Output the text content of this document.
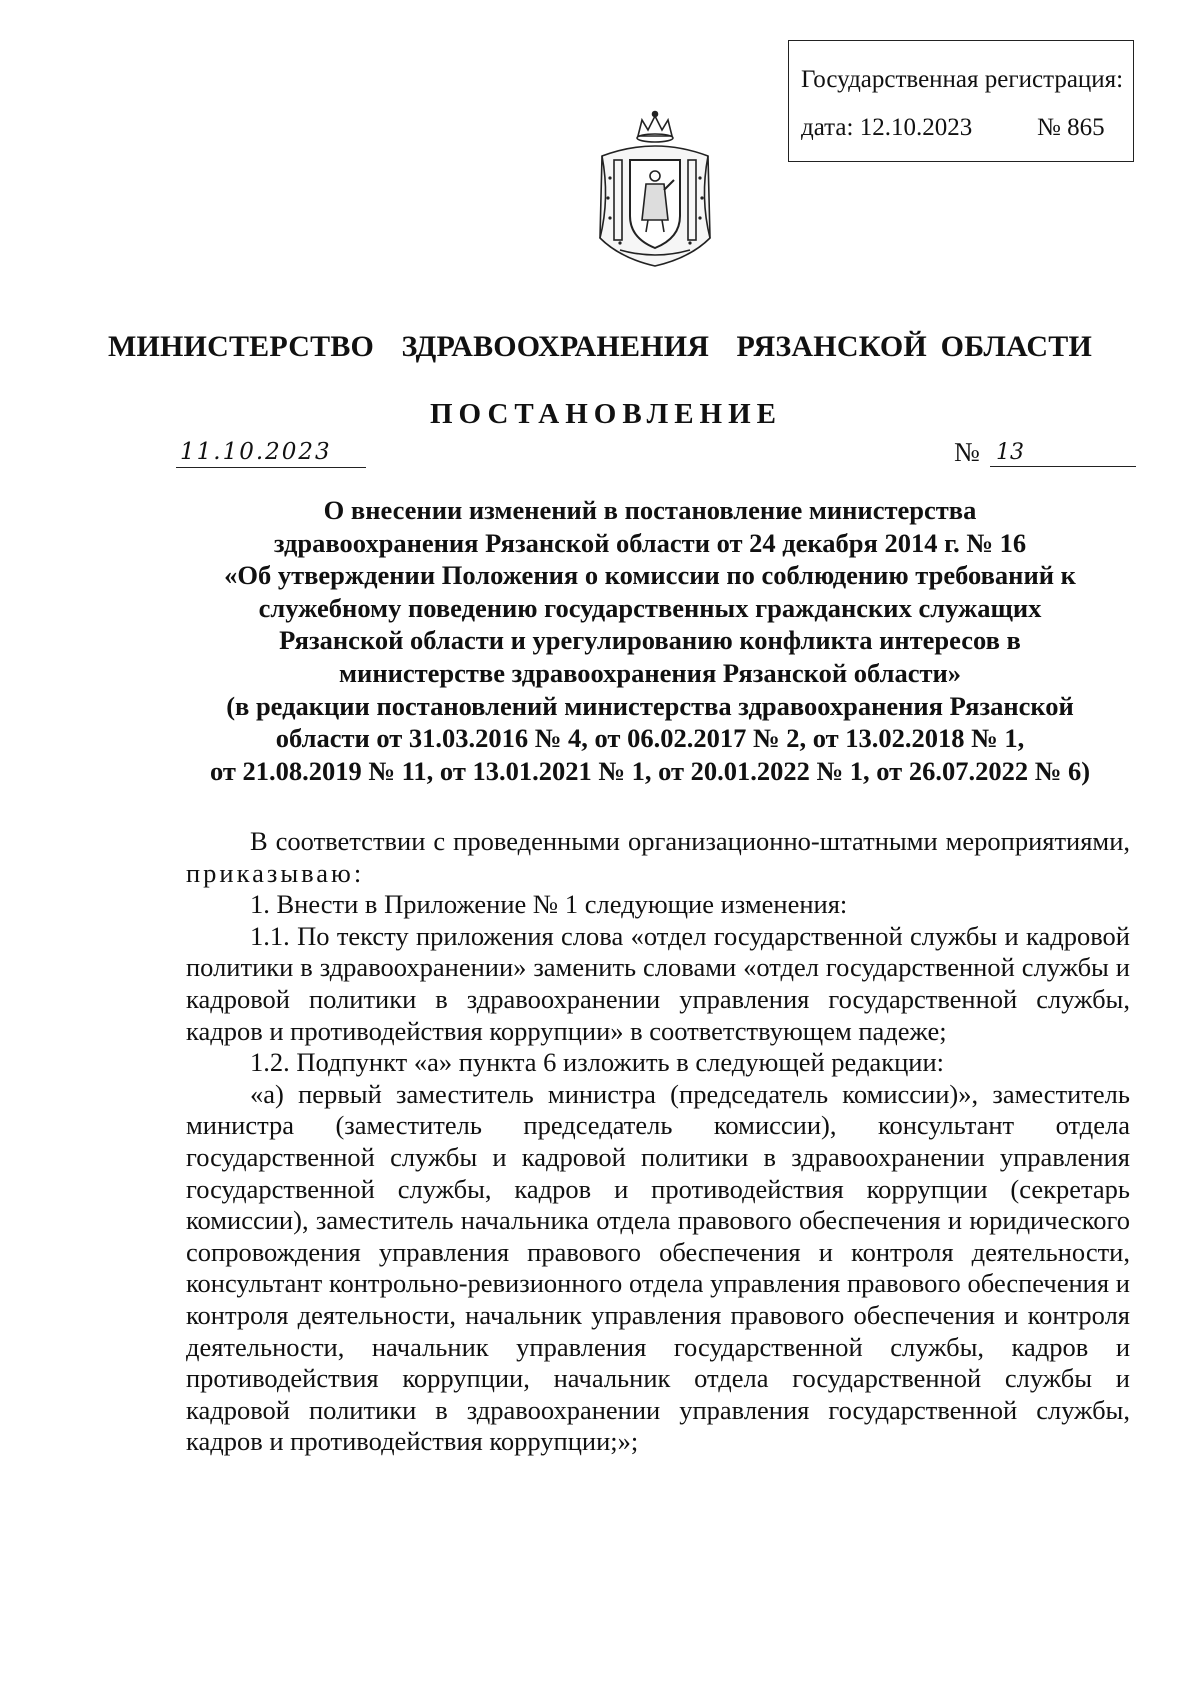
Государственная регистрация:
дата: 12.10.2023	№ 865
МИНИСТЕРСТВО  ЗДРАВООХРАНЕНИЯ  РЯЗАНСКОЙ ОБЛАСТИ
ПОСТАНОВЛЕНИЕ
11.10.2023	№ 13
О внесении изменений в постановление министерства
здравоохранения Рязанской области от 24 декабря 2014 г. № 16
«Об утверждении Положения о комиссии по соблюдению требований к
служебному поведению государственных гражданских служащих
Рязанской области и урегулированию конфликта интересов в
министерстве здравоохранения Рязанской области»
(в редакции постановлений министерства здравоохранения Рязанской
области от 31.03.2016 № 4, от 06.02.2017 № 2, от 13.02.2018 № 1,
от 21.08.2019 № 11, от 13.01.2021 № 1, от 20.01.2022 № 1, от 26.07.2022 № 6)

В соответствии с проведенными организационно-штатными мероприятиями, приказываю:

1. Внести в Приложение № 1 следующие изменения:

1.1. По тексту приложения слова «отдел государственной службы и кадровой политики в здравоохранении» заменить словами «отдел государственной службы и кадровой политики в здравоохранении управления государственной службы, кадров и противодействия коррупции» в соответствующем падеже;

1.2. Подпункт «а» пункта 6 изложить в следующей редакции:

«а) первый заместитель министра (председатель комиссии)», заместитель министра (заместитель председатель комиссии), консультант отдела государственной службы и кадровой политики в здравоохранении управления государственной службы, кадров и противодействия коррупции (секретарь комиссии), заместитель начальника отдела правового обеспечения и юридического сопровождения управления правового обеспечения и контроля деятельности, консультант контрольно-ревизионного отдела управления правового обеспечения и контроля деятельности, начальник управления правового обеспечения и контроля деятельности, начальник управления государственной службы, кадров и противодействия коррупции, начальник отдела государственной службы и кадровой политики в здравоохранении управления государственной службы, кадров и противодействия коррупции;»;
